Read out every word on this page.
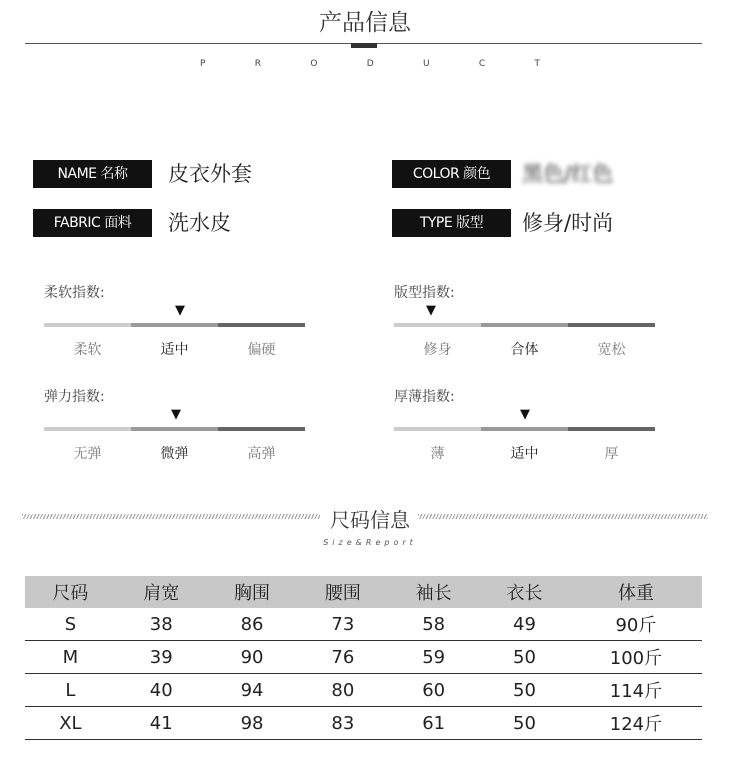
产品信息
P	R	O	D	U	C	T
NAME 名称	皮衣外套	COLOR 颜色	黑色/红色
FABRIC 面料	洗水皮	TYPE 版型	修身/时尚
柔软指数:
▼
柔软	适中	偏硬
版型指数:
▼
修身	合体	宽松
弹力指数:
▼
无弹	微弹	高弹
厚薄指数:
▼
薄	适中	厚
尺码信息
Size&Report
尺码	肩宽	胸围	腰围	袖长	衣长	体重
S	38	86	73	58	49	90斤
M	39	90	76	59	50	100斤
L	40	94	80	60	50	114斤
XL	41	98	83	61	50	124斤
